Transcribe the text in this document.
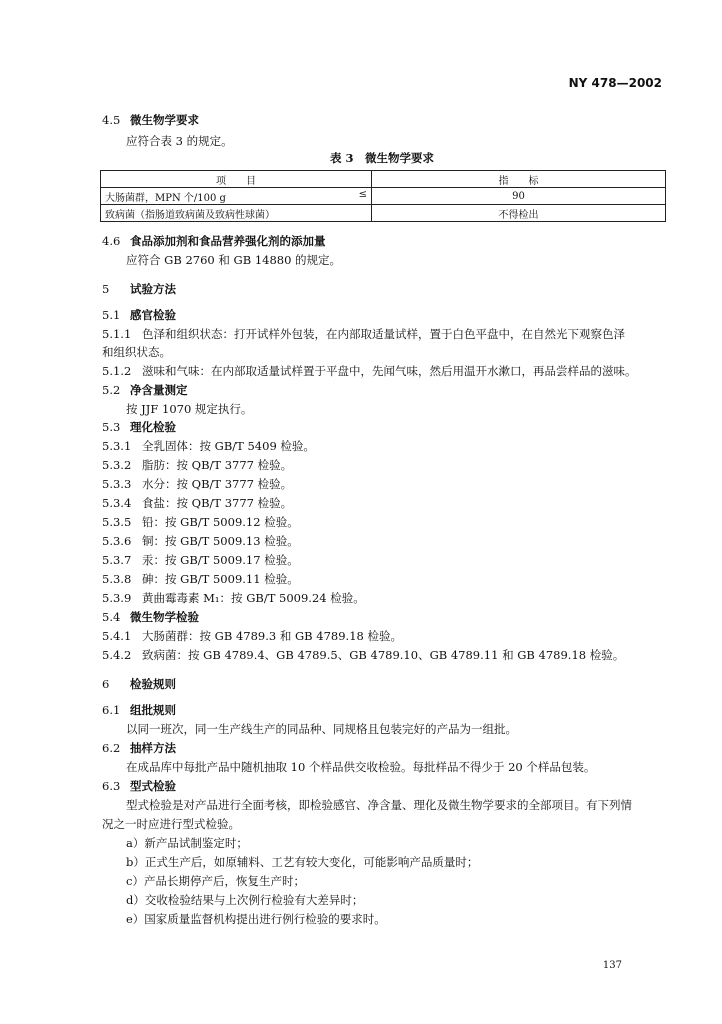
NY 478—2002
4.5 微生物学要求
应符合表 3 的规定。
表 3　微生物学要求
项　　目	指　　标
大肠菌群，MPN 个/100 g ≤	90
致病菌（指肠道致病菌及致病性球菌）	不得检出
4.6 食品添加剂和食品营养强化剂的添加量
应符合 GB 2760 和 GB 14880 的规定。
5 试验方法
5.1 感官检验
5.1.1 色泽和组织状态：打开试样外包装，在内部取适量试样，置于白色平盘中，在自然光下观察色泽
和组织状态。
5.1.2 滋味和气味：在内部取适量试样置于平盘中，先闻气味，然后用温开水漱口，再品尝样品的滋味。
5.2 净含量测定
按 JJF 1070 规定执行。
5.3 理化检验
5.3.1 全乳固体：按 GB/T 5409 检验。
5.3.2 脂肪：按 QB/T 3777 检验。
5.3.3 水分：按 QB/T 3777 检验。
5.3.4 食盐：按 QB/T 3777 检验。
5.3.5 铅：按 GB/T 5009.12 检验。
5.3.6 铜：按 GB/T 5009.13 检验。
5.3.7 汞：按 GB/T 5009.17 检验。
5.3.8 砷：按 GB/T 5009.11 检验。
5.3.9 黄曲霉毒素 M₁：按 GB/T 5009.24 检验。
5.4 微生物学检验
5.4.1 大肠菌群：按 GB 4789.3 和 GB 4789.18 检验。
5.4.2 致病菌：按 GB 4789.4、GB 4789.5、GB 4789.10、GB 4789.11 和 GB 4789.18 检验。
6 检验规则
6.1 组批规则
以同一班次，同一生产线生产的同品种、同规格且包装完好的产品为一组批。
6.2 抽样方法
在成品库中每批产品中随机抽取 10 个样品供交收检验。每批样品不得少于 20 个样品包装。
6.3 型式检验
型式检验是对产品进行全面考核，即检验感官、净含量、理化及微生物学要求的全部项目。有下列情
况之一时应进行型式检验。
a）新产品试制鉴定时；
b）正式生产后，如原辅料、工艺有较大变化，可能影响产品质量时；
c）产品长期停产后，恢复生产时；
d）交收检验结果与上次例行检验有大差异时；
e）国家质量监督机构提出进行例行检验的要求时。
137
